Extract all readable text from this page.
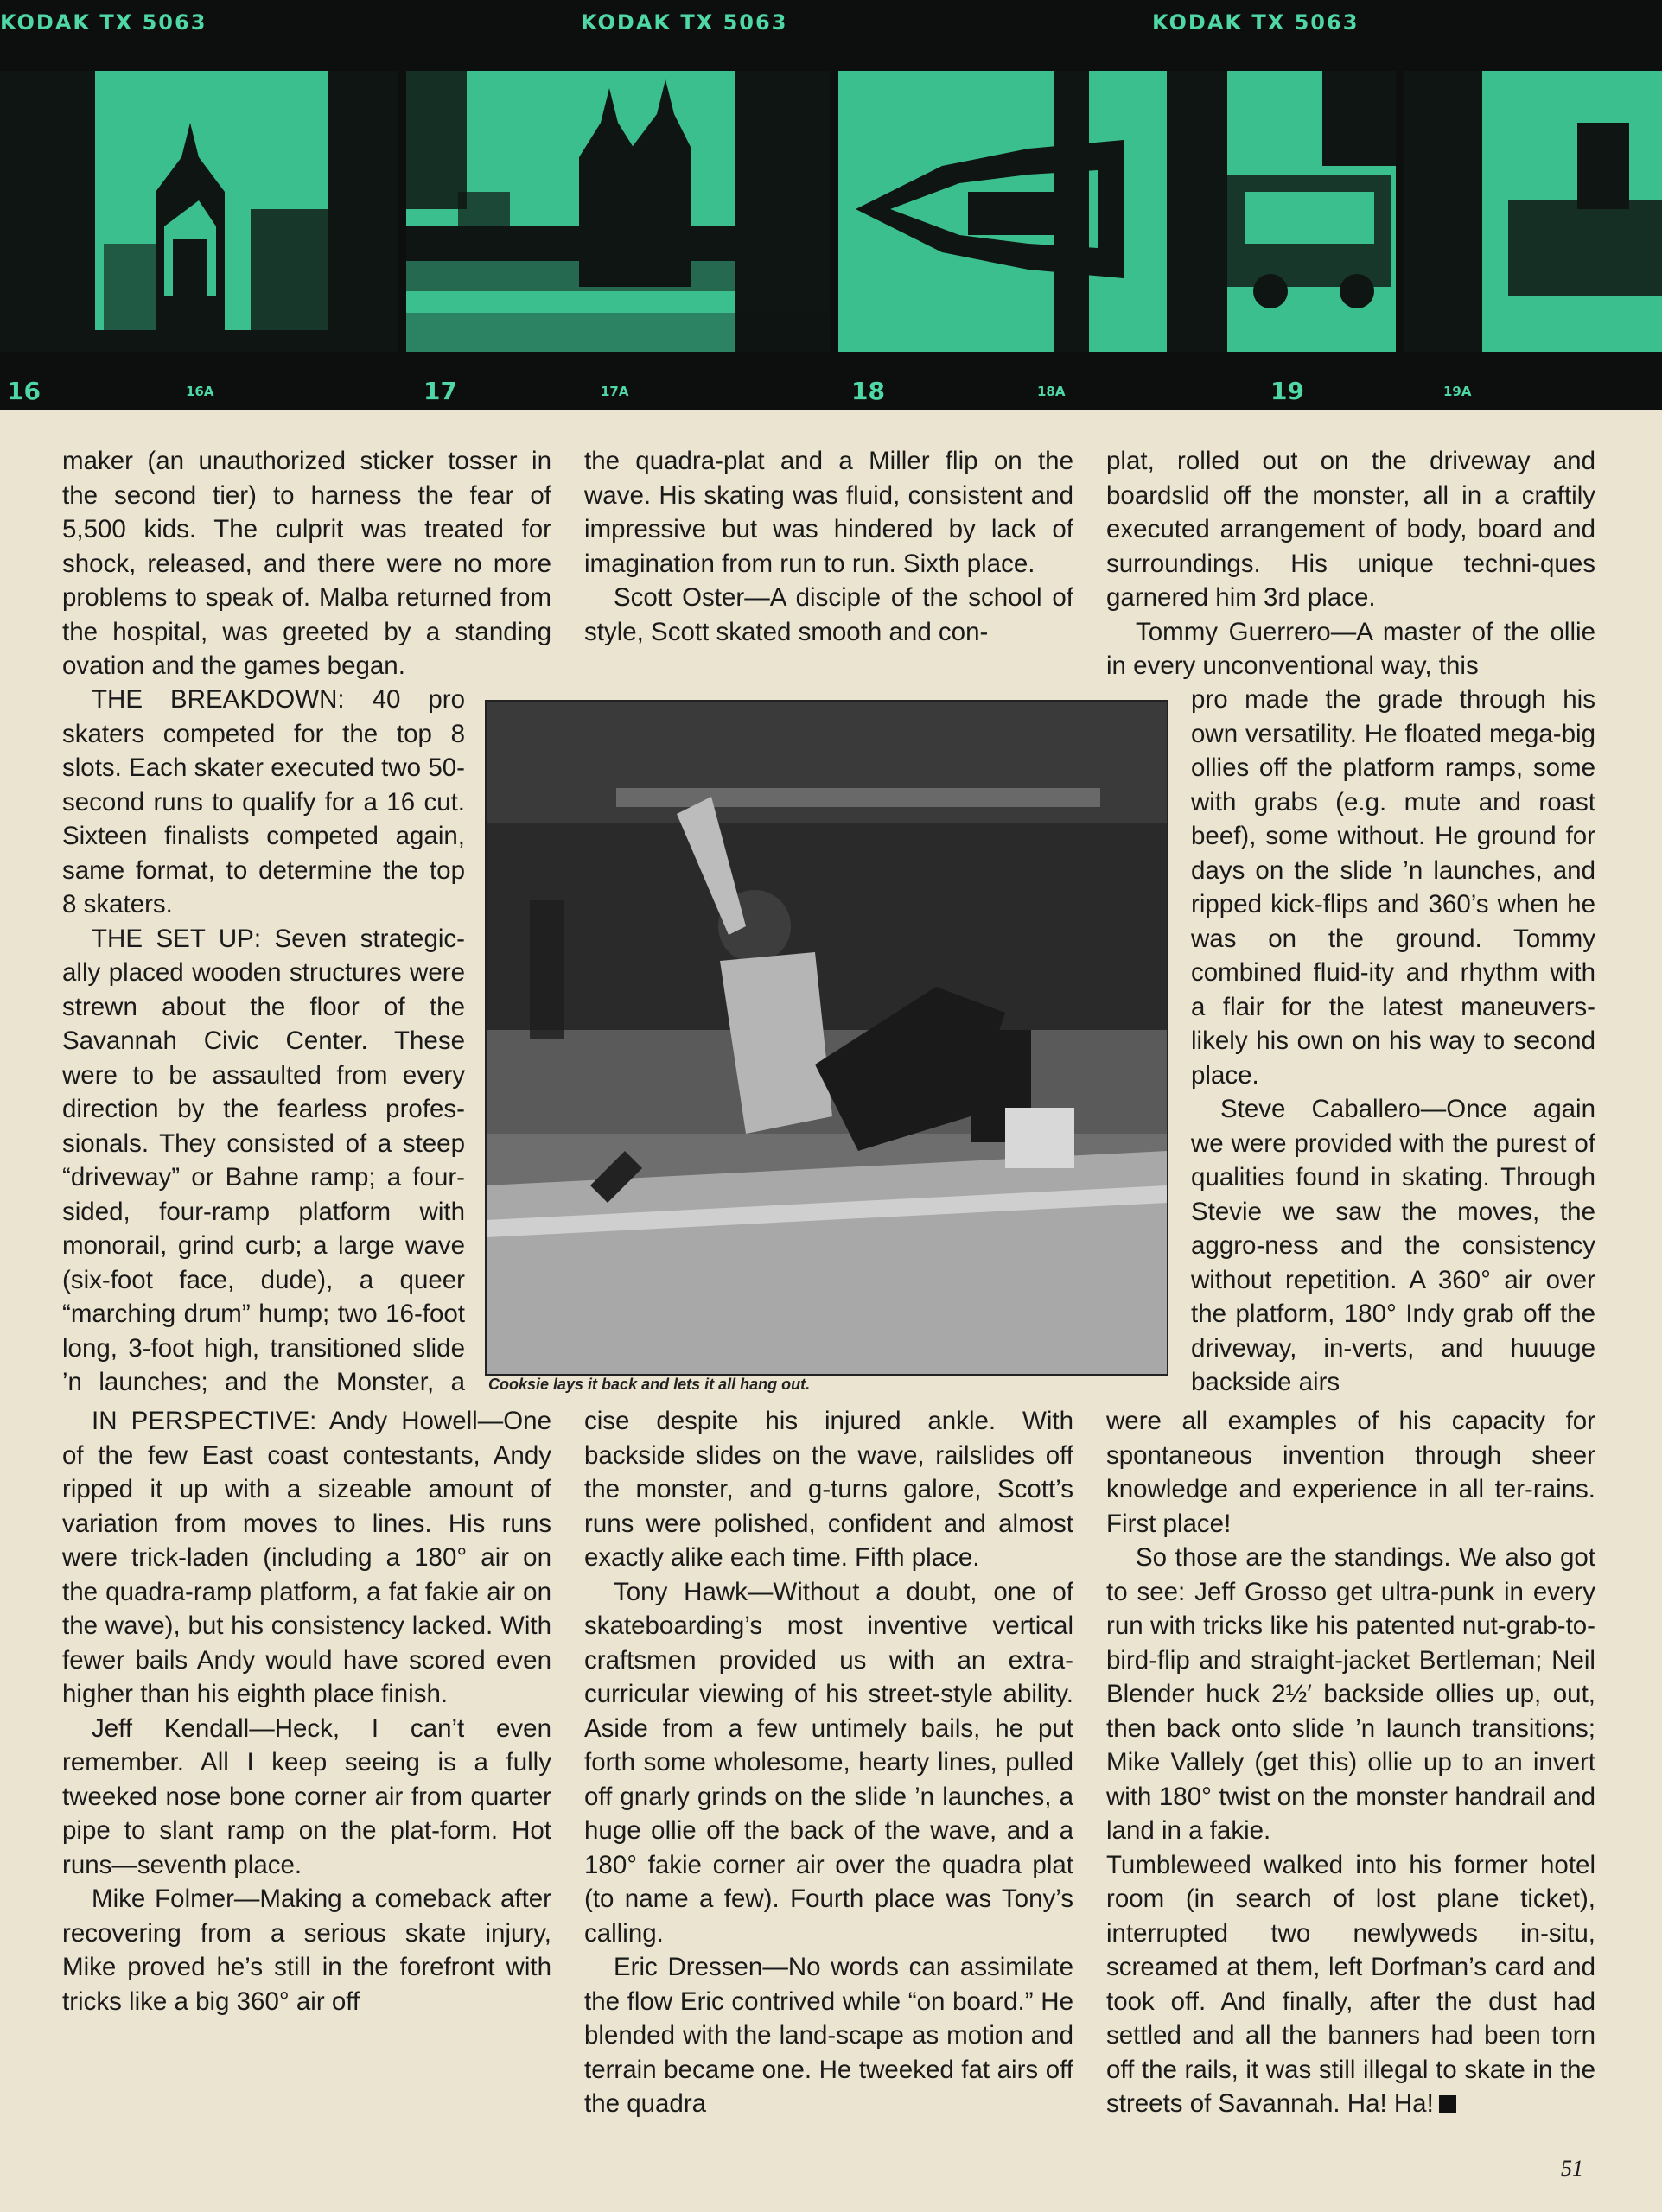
KODAK TX 5063	KODAK TX 5063	KODAK TX 5063
16	16A	17	17A	18	18A	19	19A

maker (an unauthorized sticker tosser in the second tier) to harness the fear of 5,500 kids. The culprit was treated for shock, released, and there were no more problems to speak of. Malba returned from the hospital, was greeted by a standing ovation and the games began.

THE BREAKDOWN: 40 pro skaters competed for the top 8 slots. Each skater executed two 50-second runs to qualify for a 16 cut. Sixteen finalists competed again, same format, to determine the top 8 skaters.

THE SET UP: Seven strategic-ally placed wooden structures were strewn about the floor of the Savannah Civic Center. These were to be assaulted from every direction by the fearless profes-sionals. They consisted of a steep “driveway” or Bahne ramp; a four-sided, four-ramp platform with monorail, grind curb; a large wave (six-foot face, dude), a queer “marching drum” hump; two 16-foot long, 3-foot high, transitioned slide ’n launches; and the Monster, a

IN PERSPECTIVE: Andy Howell—One of the few East coast contestants, Andy ripped it up with a sizeable amount of variation from moves to lines. His runs were trick-laden (including a 180° air on the quadra-ramp platform, a fat fakie air on the wave), but his consistency lacked. With fewer bails Andy would have scored even higher than his eighth place finish.

Jeff Kendall—Heck, I can’t even remember. All I keep seeing is a fully tweeked nose bone corner air from quarter pipe to slant ramp on the plat-form. Hot runs—seventh place.

Mike Folmer—Making a comeback after recovering from a serious skate injury, Mike proved he’s still in the forefront with tricks like a big 360° air off

the quadra-plat and a Miller flip on the wave. His skating was fluid, consistent and impressive but was hindered by lack of imagination from run to run. Sixth place.

Scott Oster—A disciple of the school of style, Scott skated smooth and con-

cise despite his injured ankle. With backside slides on the wave, railslides off the monster, and g-turns galore, Scott’s runs were polished, confident and almost exactly alike each time. Fifth place.

Tony Hawk—Without a doubt, one of skateboarding’s most inventive vertical craftsmen provided us with an extra-curricular viewing of his street-style ability. Aside from a few untimely bails, he put forth some wholesome, hearty lines, pulled off gnarly grinds on the slide ’n launches, a huge ollie off the back of the wave, and a 180° fakie corner air over the quadra plat (to name a few). Fourth place was Tony’s calling.

Eric Dressen—No words can assimilate the flow Eric contrived while “on board.” He blended with the land-scape as motion and terrain became one. He tweeked fat airs off the quadra

plat, rolled out on the driveway and boardslid off the monster, all in a craftily executed arrangement of body, board and surroundings. His unique techni-ques garnered him 3rd place.

Tommy Guerrero—A master of the ollie in every unconventional way, this

pro made the grade through his own versatility. He floated mega-big ollies off the platform ramps, some with grabs (e.g. mute and roast beef), some without. He ground for days on the slide ’n launches, and ripped kick-flips and 360’s when he was on the ground. Tommy combined fluid-ity and rhythm with a flair for the latest maneuvers-likely his own on his way to second place.

Steve Caballero—Once again we were provided with the purest of qualities found in skating. Through Stevie we saw the moves, the aggro-ness and the consistency without repetition. A 360° air over the platform, 180° Indy grab off the driveway, in-verts, and huuuge backside airs

were all examples of his capacity for spontaneous invention through sheer knowledge and experience in all ter-rains. First place!

So those are the standings. We also got to see: Jeff Grosso get ultra-punk in every run with tricks like his patented nut-grab-to-bird-flip and straight-jacket Bertleman; Neil Blender huck 2½′ backside ollies up, out, then back onto slide ’n launch transitions; Mike Vallely (get this) ollie up to an invert with 180° twist on the monster handrail and land in a fakie.

Tumbleweed walked into his former hotel room (in search of lost plane ticket), interrupted two newlyweds in-situ, screamed at them, left Dorfman’s card and took off. And finally, after the dust had settled and all the banners had been torn off the rails, it was still illegal to skate in the streets of Savannah. Ha! Ha!

Cooksie lays it back and lets it all hang out.
51
